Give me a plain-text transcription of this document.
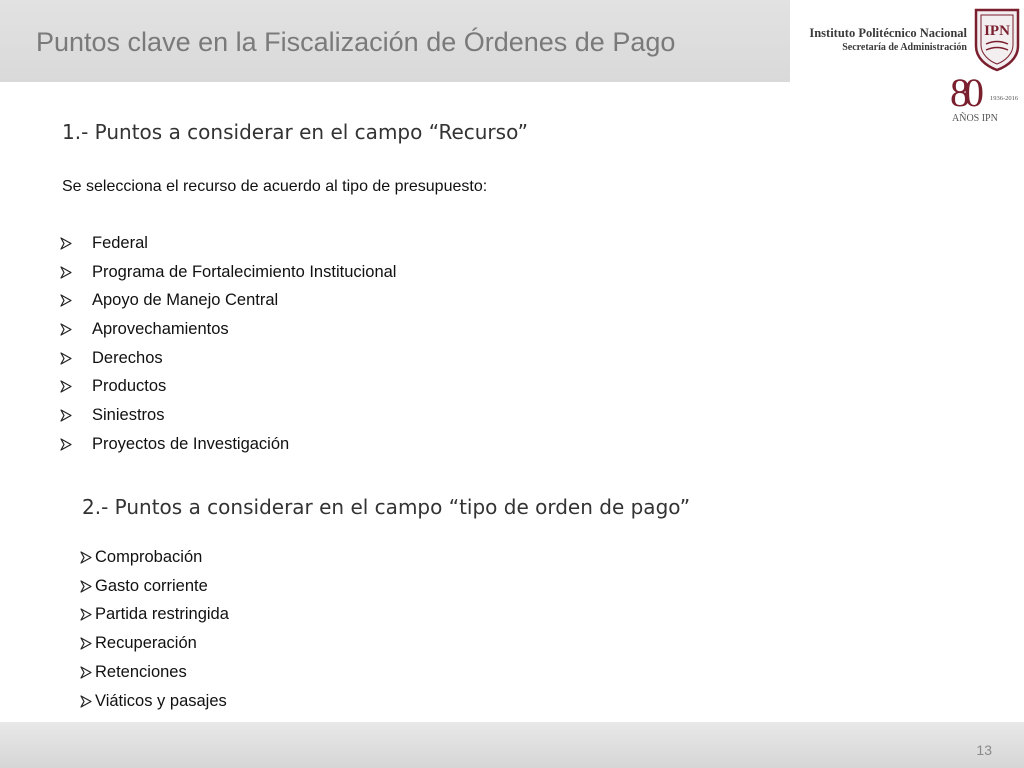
Puntos clave en la Fiscalización de Órdenes de Pago	Instituto Politécnico Nacional
Secretaría de Administración
IPN
80	1936-2016
AÑOS IPN
1.- Puntos a considerar en el campo “Recurso”

Se selecciona el recurso de acuerdo al tipo de presupuesto:

Federal
Programa de Fortalecimiento Institucional
Apoyo de Manejo Central
Aprovechamientos
Derechos
Productos
Siniestros
Proyectos de Investigación
2.- Puntos a considerar en el campo “tipo de orden de pago”
Comprobación
Gasto corriente
Partida restringida
Recuperación
Retenciones
Viáticos y pasajes
13
